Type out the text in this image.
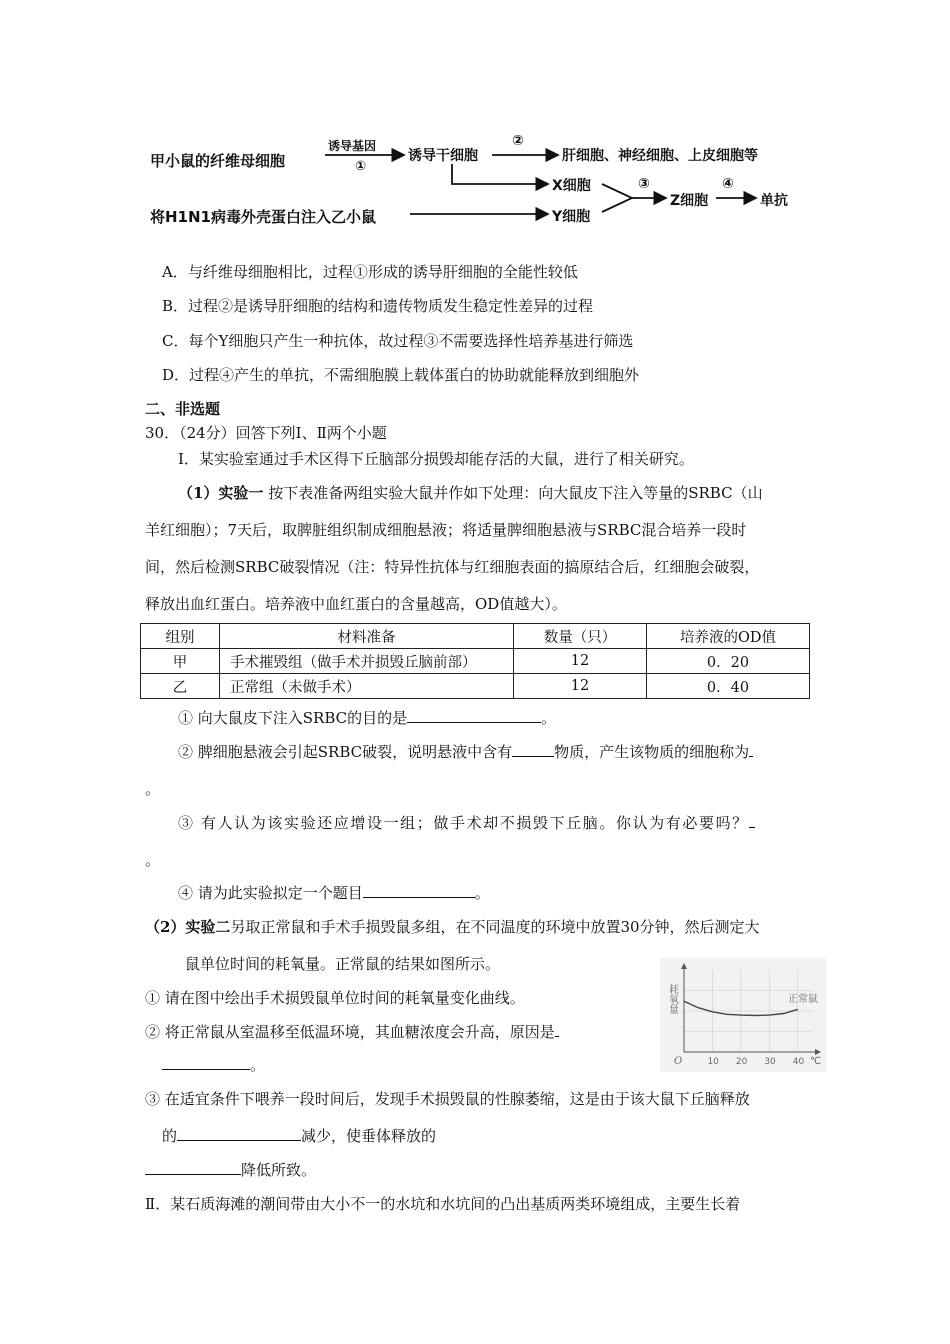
甲小鼠的纤维母细胞
诱导基因
①
诱导干细胞
②
肝细胞、神经细胞、上皮细胞等
X细胞
将H1N1病毒外壳蛋白注入乙小鼠	Y细胞
③
Z细胞
④
单抗
A．与纤维母细胞相比，过程①形成的诱导肝细胞的全能性较低
B．过程②是诱导肝细胞的结构和遗传物质发生稳定性差异的过程
C．每个Y细胞只产生一种抗体，故过程③不需要选择性培养基进行筛选
D．过程④产生的单抗，不需细胞膜上载体蛋白的协助就能释放到细胞外
二、非选题
30．（24分）回答下列Ⅰ、Ⅱ两个小题
Ⅰ．某实验室通过手术区得下丘脑部分损毁却能存活的大鼠，进行了相关研究。
（1）实验一 按下表准备两组实验大鼠并作如下处理：向大鼠皮下注入等量的SRBC（山
羊红细胞）；7天后，取脾脏组织制成细胞悬液；将适量脾细胞悬液与SRBC混合培养一段时
间，然后检测SRBC破裂情况（注：特异性抗体与红细胞表面的搞原结合后，红细胞会破裂，
释放出血红蛋白。培养液中血红蛋白的含量越高，OD值越大）。
组别	材料准备	数量（只）	培养液的OD值
甲	手术摧毁组（做手术并损毁丘脑前部）	12	0．20
乙	正常组（未做手术）	12	0．40
① 向大鼠皮下注入SRBC的目的是	。
② 脾细胞悬液会引起SRBC破裂，说明悬液中含有	物质，产生该物质的细胞称为
。
③ 有人认为该实验还应增设一组；做手术却不损毁下丘脑。你认为有必要吗？
。
④ 请为此实验拟定一个题目	。
（2）实验二另取正常鼠和手术手损毁鼠多组，在不同温度的环境中放置30分钟，然后测定大
鼠单位时间的耗氧量。正常鼠的结果如图所示。
① 请在图中绘出手术损毁鼠单位时间的耗氧量变化曲线。
② 将正常鼠从室温移至低温环境，其血糖浓度会升高，原因是
。
③ 在适宜条件下喂养一段时间后，发现手术损毁鼠的性腺萎缩，这是由于该大鼠下丘脑释放
的	减少，使垂体释放的
降低所致。
Ⅱ．某石质海滩的潮间带由大小不一的水坑和水坑间的凸出基质两类环境组成，主要生长着
10 20 30 40
耗氧量	正常鼠
O	℃
